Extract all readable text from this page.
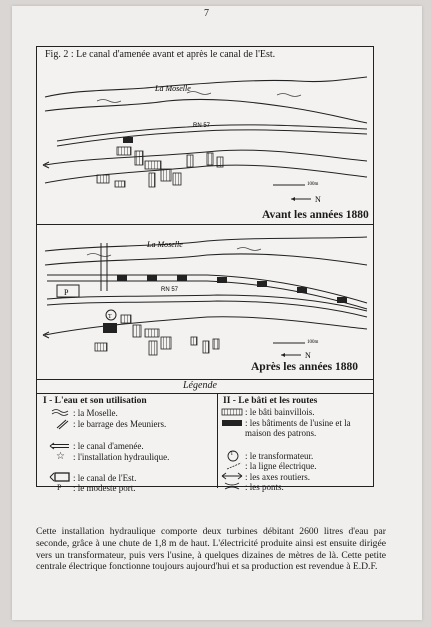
7
Fig. 2 : Le canal d'amenée avant et après le canal de l'Est.
La Moselle
RN 57
100m
N
Avant les années 1880
La Moselle
RN 57
P
T
100m
N
Après les années 1880
Légende
I - L'eau et son utilisation
: la Moselle.
: le barrage des Meuniers.
: le canal d'amenée.
☆ : l'installation hydraulique.
: le canal de l'Est.
P : le modeste port.
II - Le bâti et les routes
: le bâti bainvillois.
: les bâtiments de l'usine et la maison des patrons.
T : le transformateur.
: la ligne électrique.
: les axes routiers.
: les ponts.

Cette installation hydraulique comporte deux turbines débitant 2600 litres d'eau par seconde, grâce à une chute de 1,8 m de haut. L'électricité produite ainsi est ensuite dirigée vers un transformateur, puis vers l'usine, à quelques dizaines de mètres de là. Cette petite centrale électrique fonctionne toujours aujourd'hui et sa production est revendue à E.D.F.
